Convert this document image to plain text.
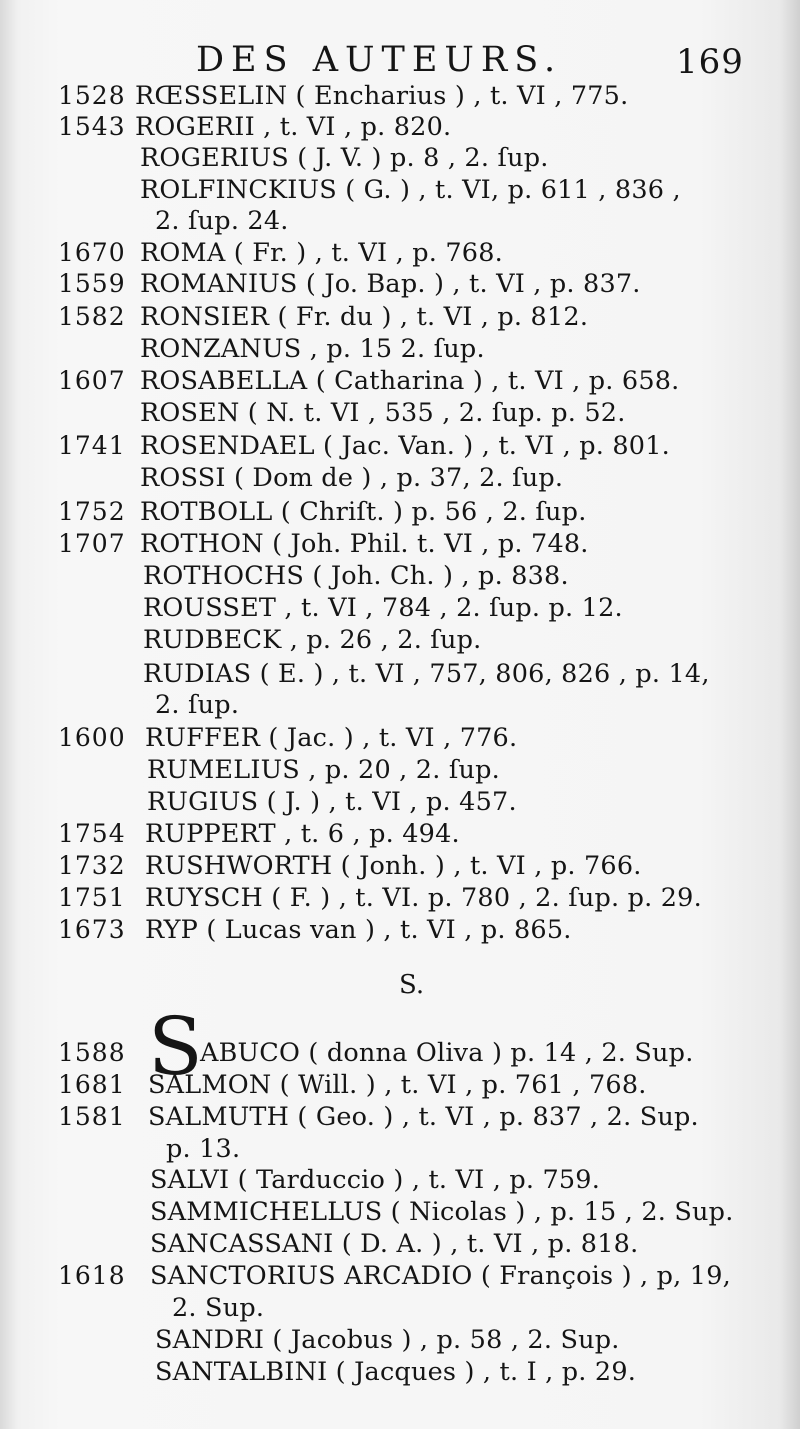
DES AUTEURS.	169
1528 RŒSSELIN ( Encharius ) , t. VI , 775.
1543 ROGERII , t. VI , p. 820.
ROGERIUS ( J. V. ) p. 8 , 2. ſup.
ROLFINCKIUS ( G. ) , t. VI, p. 611 , 836 ,
2. ſup. 24.
1670 ROMA ( Fr. ) , t. VI , p. 768.
1559 ROMANIUS ( Jo. Bap. ) , t. VI , p. 837.
1582 RONSIER ( Fr. du ) , t. VI , p. 812.
RONZANUS , p. 15 2. ſup.
1607 ROSABELLA ( Catharina ) , t. VI , p. 658.
ROSEN ( N. t. VI , 535 , 2. ſup. p. 52.
1741 ROSENDAEL ( Jac. Van. ) , t. VI , p. 801.
ROSSI ( Dom de ) , p. 37, 2. ſup.
1752 ROTBOLL ( Chriſt. ) p. 56 , 2. ſup.
1707 ROTHON ( Joh. Phil. t. VI , p. 748.
ROTHOCHS ( Joh. Ch. ) , p. 838.
ROUSSET , t. VI , 784 , 2. ſup. p. 12.
RUDBECK , p. 26 , 2. ſup.
RUDIAS ( E. ) , t. VI , 757, 806, 826 , p. 14,
2. ſup.
1600 RUFFER ( Jac. ) , t. VI , 776.
RUMELIUS , p. 20 , 2. ſup.
RUGIUS ( J. ) , t. VI , p. 457.
1754 RUPPERT , t. 6 , p. 494.
1732 RUSHWORTH ( Jonh. ) , t. VI , p. 766.
1751 RUYSCH ( F. ) , t. VI. p. 780 , 2. ſup. p. 29.
1673 RYP ( Lucas van ) , t. VI , p. 865.
S.
S
1588	ABUCO ( donna Oliva ) p. 14 , 2. Sup.
1681 SALMON ( Will. ) , t. VI , p. 761 , 768.
1581 SALMUTH ( Geo. ) , t. VI , p. 837 , 2. Sup.
p. 13.
SALVI ( Tarduccio ) , t. VI , p. 759.
SAMMICHELLUS ( Nicolas ) , p. 15 , 2. Sup.
SANCASSANI ( D. A. ) , t. VI , p. 818.
1618 SANCTORIUS ARCADIO ( François ) , p, 19,
2. Sup.
SANDRI ( Jacobus ) , p. 58 , 2. Sup.
SANTALBINI ( Jacques ) , t. I , p. 29.
